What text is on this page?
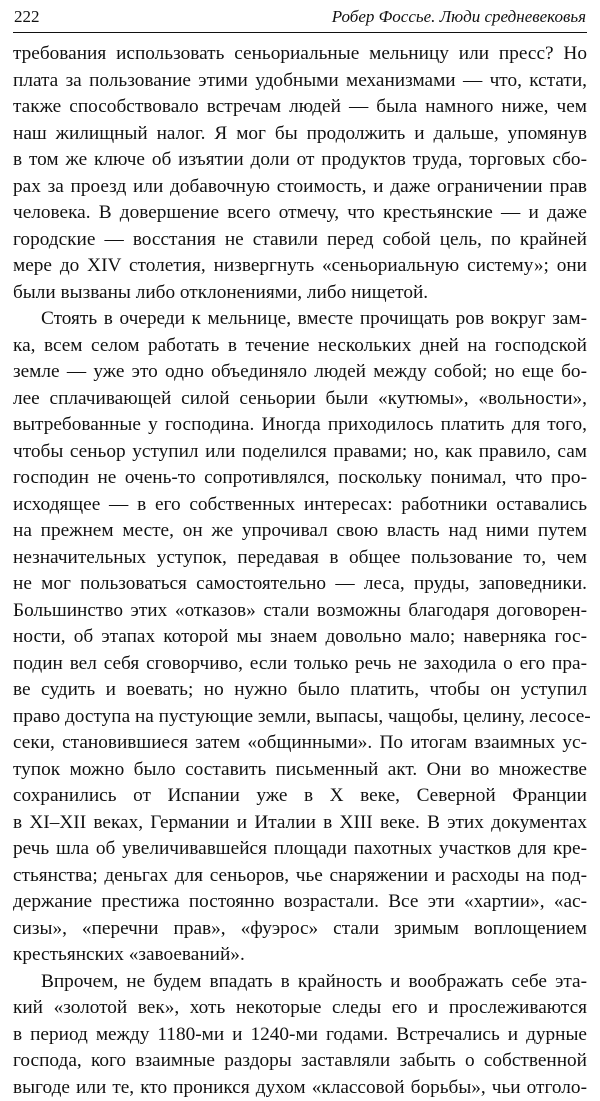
222	Робер Фоссье. Люди средневековья
требования использовать сеньориальные мельницу или пресс? Но
плата за пользование этими удобными механизмами — что, кстати,
также способствовало встречам людей — была намного ниже, чем
наш жилищный налог. Я мог бы продолжить и дальше, упомянув
в том же ключе об изъятии доли от продуктов труда, торговых сбо-
рах за проезд или добавочную стоимость, и даже ограничении прав
человека. В довершение всего отмечу, что крестьянские — и даже
городские — восстания не ставили перед собой цель, по крайней
мере до XIV столетия, низвергнуть «сеньориальную систему»; они
были вызваны либо отклонениями, либо нищетой.
Стоять в очереди к мельнице, вместе прочищать ров вокруг зам-
ка, всем селом работать в течение нескольких дней на господской
земле — уже это одно объединяло людей между собой; но еще бо-
лее сплачивающей силой сеньории были «кутюмы», «вольности»,
вытребованные у господина. Иногда приходилось платить для того,
чтобы сеньор уступил или поделился правами; но, как правило, сам
господин не очень-то сопротивлялся, поскольку понимал, что про-
исходящее — в его собственных интересах: работники оставались
на прежнем месте, он же упрочивал свою власть над ними путем
незначительных уступок, передавая в общее пользование то, чем
не мог пользоваться самостоятельно — леса, пруды, заповедники.
Большинство этих «отказов» стали возможны благодаря договорен-
ности, об этапах которой мы знаем довольно мало; наверняка гос-
подин вел себя сговорчиво, если только речь не заходила о его пра-
ве судить и воевать; но нужно было платить, чтобы он уступил
право доступа на пустующие земли, выпасы, чащобы, целину, лесосе-
секи, становившиеся затем «общинными». По итогам взаимных ус-
тупок можно было составить письменный акт. Они во множестве
сохранились от Испании уже в X веке, Северной Франции
в XI–XII веках, Германии и Италии в XIII веке. В этих документах
речь шла об увеличивавшейся площади пахотных участков для кре-
стьянства; деньгах для сеньоров, чье снаряжении и расходы на под-
держание престижа постоянно возрастали. Все эти «хартии», «ас-
сизы», «перечни прав», «фуэрос» стали зримым воплощением
крестьянских «завоеваний».
Впрочем, не будем впадать в крайность и воображать себе эта-
кий «золотой век», хоть некоторые следы его и прослеживаются
в период между 1180-ми и 1240-ми годами. Встречались и дурные
господа, кого взаимные раздоры заставляли забыть о собственной
выгоде или те, кто проникся духом «классовой борьбы», чьи отголо-
